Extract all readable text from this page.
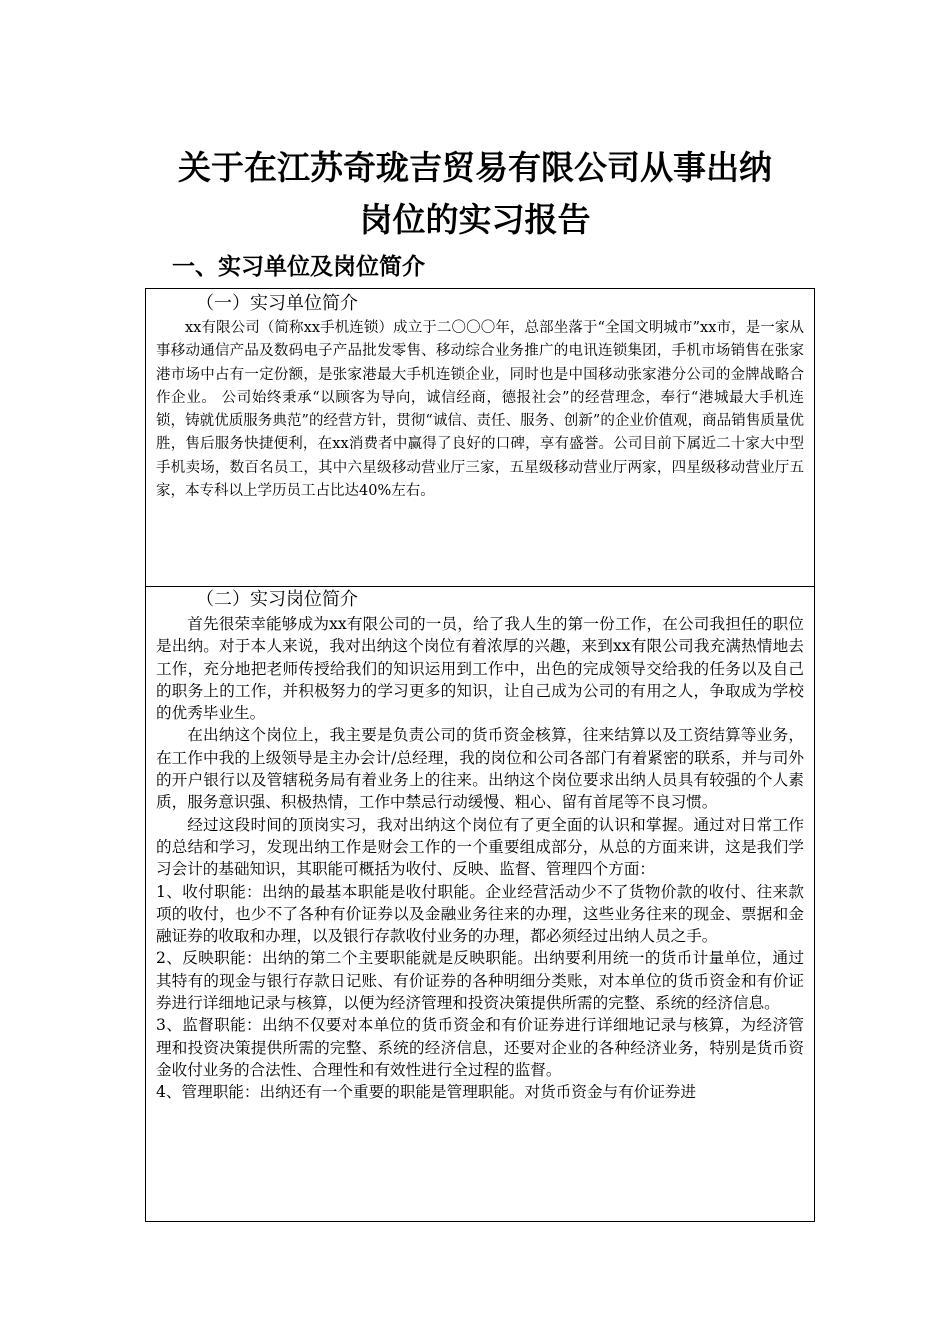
关于在江苏奇珑吉贸易有限公司从事出纳
岗位的实习报告
一、实习单位及岗位简介
（一）实习单位简介

xx有限公司（简称xx手机连锁）成立于二〇〇〇年，总部坐落于“全国文明城市”xx市，是一家从事移动通信产品及数码电子产品批发零售、移动综合业务推广的电讯连锁集团，手机市场销售在张家港市场中占有一定份额，是张家港最大手机连锁企业，同时也是中国移动张家港分公司的金牌战略合作企业。 公司始终秉承“以顾客为导向，诚信经商，德报社会”的经营理念，奉行“港城最大手机连锁，铸就优质服务典范”的经营方针，贯彻“诚信、责任、服务、创新”的企业价值观，商品销售质量优胜，售后服务快捷便利，在xx消费者中赢得了良好的口碑，享有盛誉。公司目前下属近二十家大中型手机卖场，数百名员工，其中六星级移动营业厅三家，五星级移动营业厅两家，四星级移动营业厅五家，本专科以上学历员工占比达40%左右。

（二）实习岗位简介

首先很荣幸能够成为xx有限公司的一员，给了我人生的第一份工作，在公司我担任的职位是出纳。对于本人来说，我对出纳这个岗位有着浓厚的兴趣，来到xx有限公司我充满热情地去工作，充分地把老师传授给我们的知识运用到工作中，出色的完成领导交给我的任务以及自己的职务上的工作，并积极努力的学习更多的知识，让自己成为公司的有用之人，争取成为学校的优秀毕业生。

在出纳这个岗位上，我主要是负责公司的货币资金核算，往来结算以及工资结算等业务，在工作中我的上级领导是主办会计/总经理，我的岗位和公司各部门有着紧密的联系，并与司外的开户银行以及管辖税务局有着业务上的往来。出纳这个岗位要求出纳人员具有较强的个人素质，服务意识强、积极热情，工作中禁忌行动缓慢、粗心、留有首尾等不良习惯。

经过这段时间的顶岗实习，我对出纳这个岗位有了更全面的认识和掌握。通过对日常工作的总结和学习，发现出纳工作是财会工作的一个重要组成部分，从总的方面来讲，这是我们学习会计的基础知识，其职能可概括为收付、反映、监督、管理四个方面：

1、收付职能：出纳的最基本职能是收付职能。企业经营活动少不了货物价款的收付、往来款项的收付，也少不了各种有价证券以及金融业务往来的办理，这些业务往来的现金、票据和金融证券的收取和办理，以及银行存款收付业务的办理，都必须经过出纳人员之手。

2、反映职能：出纳的第二个主要职能就是反映职能。出纳要利用统一的货币计量单位，通过其特有的现金与银行存款日记账、有价证券的各种明细分类账，对本单位的货币资金和有价证券进行详细地记录与核算，以便为经济管理和投资决策提供所需的完整、系统的经济信息。

3、监督职能：出纳不仅要对本单位的货币资金和有价证券进行详细地记录与核算，为经济管理和投资决策提供所需的完整、系统的经济信息，还要对企业的各种经济业务，特别是货币资金收付业务的合法性、合理性和有效性进行全过程的监督。

4、管理职能：出纳还有一个重要的职能是管理职能。对货币资金与有价证券进
